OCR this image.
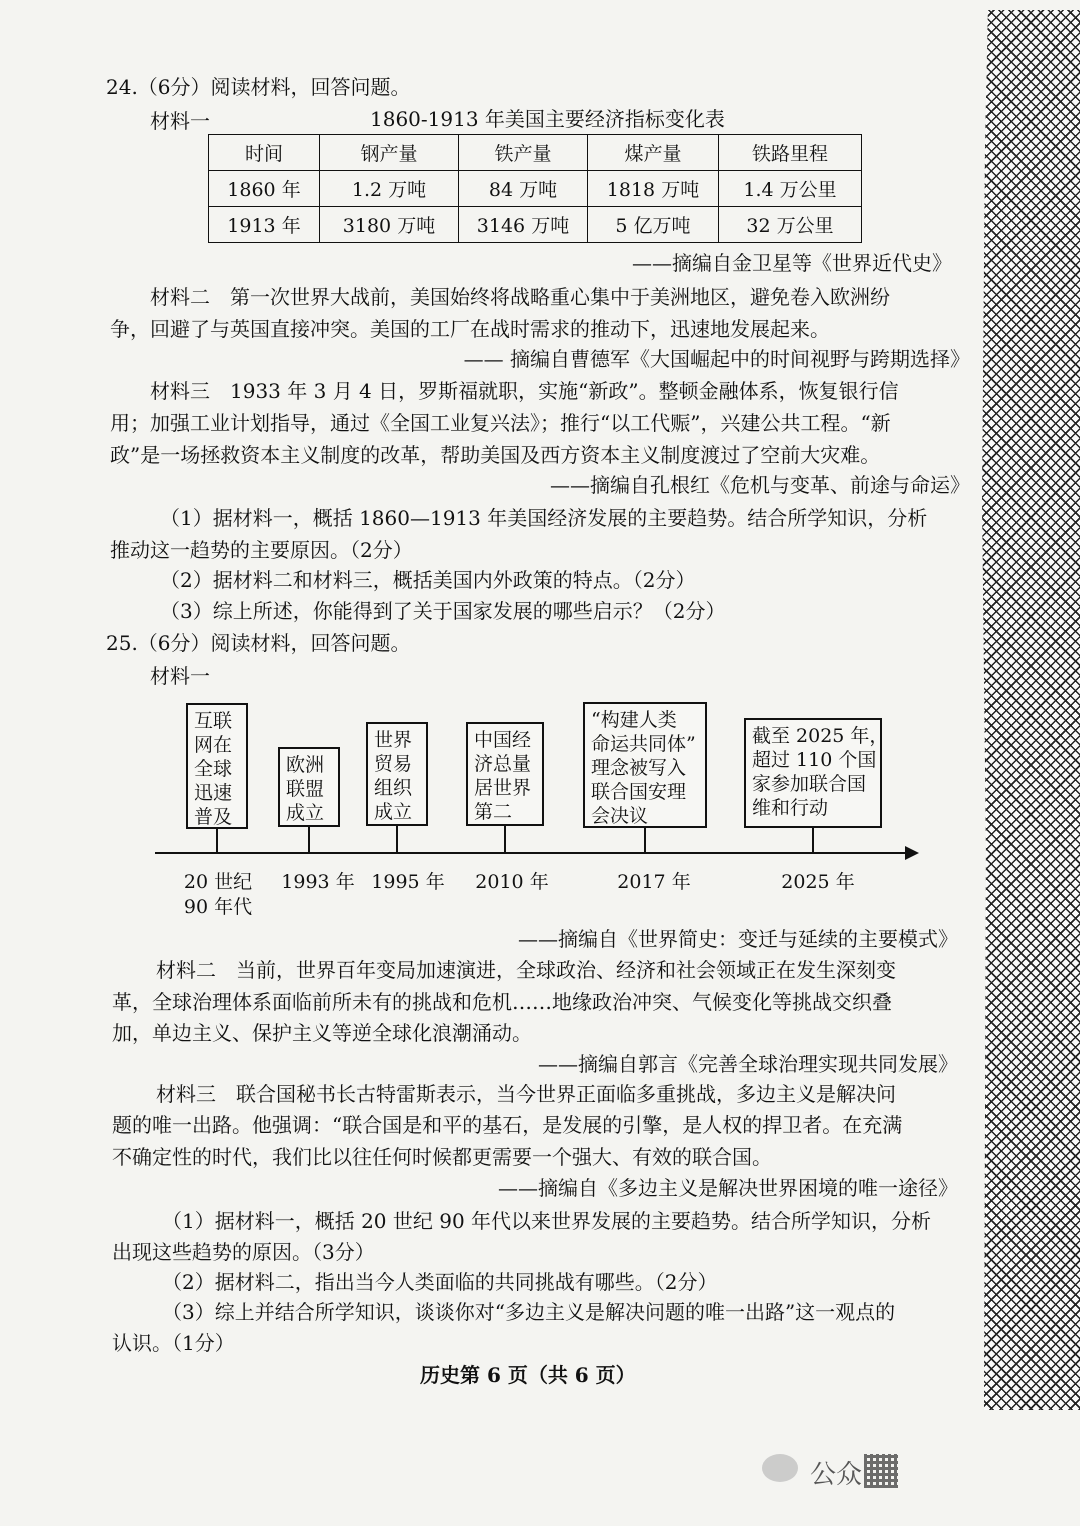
24.（6分）阅读材料，回答问题。
材料一	1860-1913 年美国主要经济指标变化表
时间	钢产量	铁产量	煤产量	铁路里程
1860 年	1.2 万吨	84 万吨	1818 万吨	1.4 万公里
1913 年	3180 万吨	3146 万吨	5 亿万吨	32 万公里
——摘编自金卫星等《世界近代史》
材料二　第一次世界大战前，美国始终将战略重心集中于美洲地区，避免卷入欧洲纷
争，回避了与英国直接冲突。美国的工厂在战时需求的推动下，迅速地发展起来。
—— 摘编自曹德军《大国崛起中的时间视野与跨期选择》
材料三　1933 年 3 月 4 日，罗斯福就职，实施“新政”。整顿金融体系，恢复银行信
用；加强工业计划指导，通过《全国工业复兴法》；推行“以工代赈”，兴建公共工程。“新
政”是一场拯救资本主义制度的改革，帮助美国及西方资本主义制度渡过了空前大灾难。
——摘编自孔根红《危机与变革、前途与命运》
（1）据材料一，概括 1860—1913 年美国经济发展的主要趋势。结合所学知识，分析
推动这一趋势的主要原因。（2分）
（2）据材料二和材料三，概括美国内外政策的特点。（2分）
（3）综上所述，你能得到了关于国家发展的哪些启示？（2分）
25.（6分）阅读材料，回答问题。
材料一
互联
网在
全球
迅速
普及
欧洲
联盟
成立
世界
贸易
组织
成立
中国经
济总量
居世界
第二
“构建人类
命运共同体”
理念被写入
联合国安理
会决议
截至 2025 年，
超过 110 个国
家参加联合国
维和行动
20 世纪
90 年代
1993 年 1995 年 2010 年	2017 年	2025 年
——摘编自《世界简史：变迁与延续的主要模式》
材料二　当前，世界百年变局加速演进，全球政治、经济和社会领域正在发生深刻变
革，全球治理体系面临前所未有的挑战和危机……地缘政治冲突、气候变化等挑战交织叠
加，单边主义、保护主义等逆全球化浪潮涌动。
——摘编自郭言《完善全球治理实现共同发展》
材料三　联合国秘书长古特雷斯表示，当今世界正面临多重挑战，多边主义是解决问
题的唯一出路。他强调：“联合国是和平的基石，是发展的引擎，是人权的捍卫者。在充满
不确定性的时代，我们比以往任何时候都更需要一个强大、有效的联合国。
——摘编自《多边主义是解决世界困境的唯一途径》
（1）据材料一，概括 20 世纪 90 年代以来世界发展的主要趋势。结合所学知识，分析
出现这些趋势的原因。（3分）
（2）据材料二，指出当今人类面临的共同挑战有哪些。（2分）
（3）综上并结合所学知识，谈谈你对“多边主义是解决问题的唯一出路”这一观点的
认识。（1分）
历史第 6 页（共 6 页）
公众
